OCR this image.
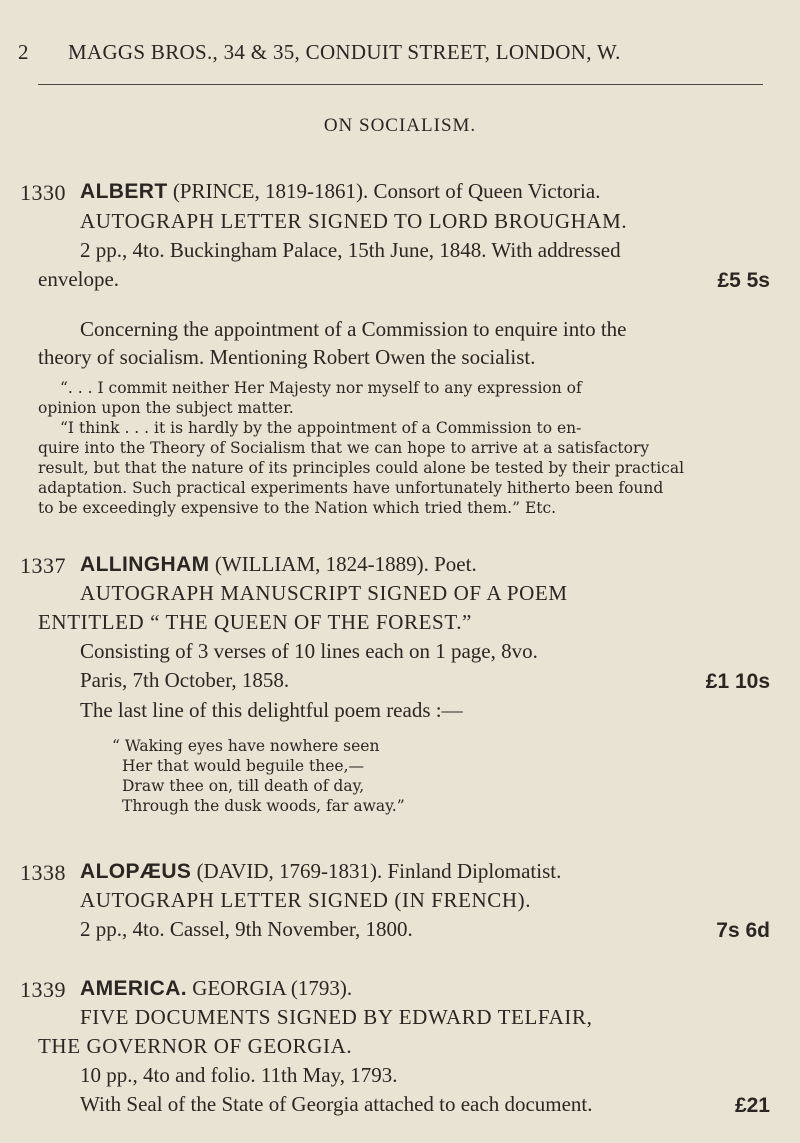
2 MAGGS BROS., 34 & 35, CONDUIT STREET, LONDON, W.
ON SOCIALISM.
1330 ALBERT (PRINCE, 1819-1861). Consort of Queen Victoria.
AUTOGRAPH LETTER SIGNED TO LORD BROUGHAM.
2 pp., 4to. Buckingham Palace, 15th June, 1848. With addressed
envelope.	£5 5s
Concerning the appointment of a Commission to enquire into the
theory of socialism. Mentioning Robert Owen the socialist.
“. . . I commit neither Her Majesty nor myself to any expression of
opinion upon the subject matter.
“I think . . . it is hardly by the appointment of a Commission to en-
quire into the Theory of Socialism that we can hope to arrive at a satisfactory
result, but that the nature of its principles could alone be tested by their practical
adaptation. Such practical experiments have unfortunately hitherto been found
to be exceedingly expensive to the Nation which tried them.” Etc.
1337 ALLINGHAM (WILLIAM, 1824-1889). Poet.
AUTOGRAPH MANUSCRIPT SIGNED OF A POEM
ENTITLED “ THE QUEEN OF THE FOREST.”
Consisting of 3 verses of 10 lines each on 1 page, 8vo.
Paris, 7th October, 1858.	£1 10s
The last line of this delightful poem reads :—
“ Waking eyes have nowhere seen
Her that would beguile thee,—
Draw thee on, till death of day,
Through the dusk woods, far away.”
1338 ALOPÆUS (DAVID, 1769-1831). Finland Diplomatist.
AUTOGRAPH LETTER SIGNED (IN FRENCH).
2 pp., 4to. Cassel, 9th November, 1800.	7s 6d
1339 AMERICA. GEORGIA (1793).
FIVE DOCUMENTS SIGNED BY EDWARD TELFAIR,
THE GOVERNOR OF GEORGIA.
10 pp., 4to and folio. 11th May, 1793.
With Seal of the State of Georgia attached to each document.	£21
